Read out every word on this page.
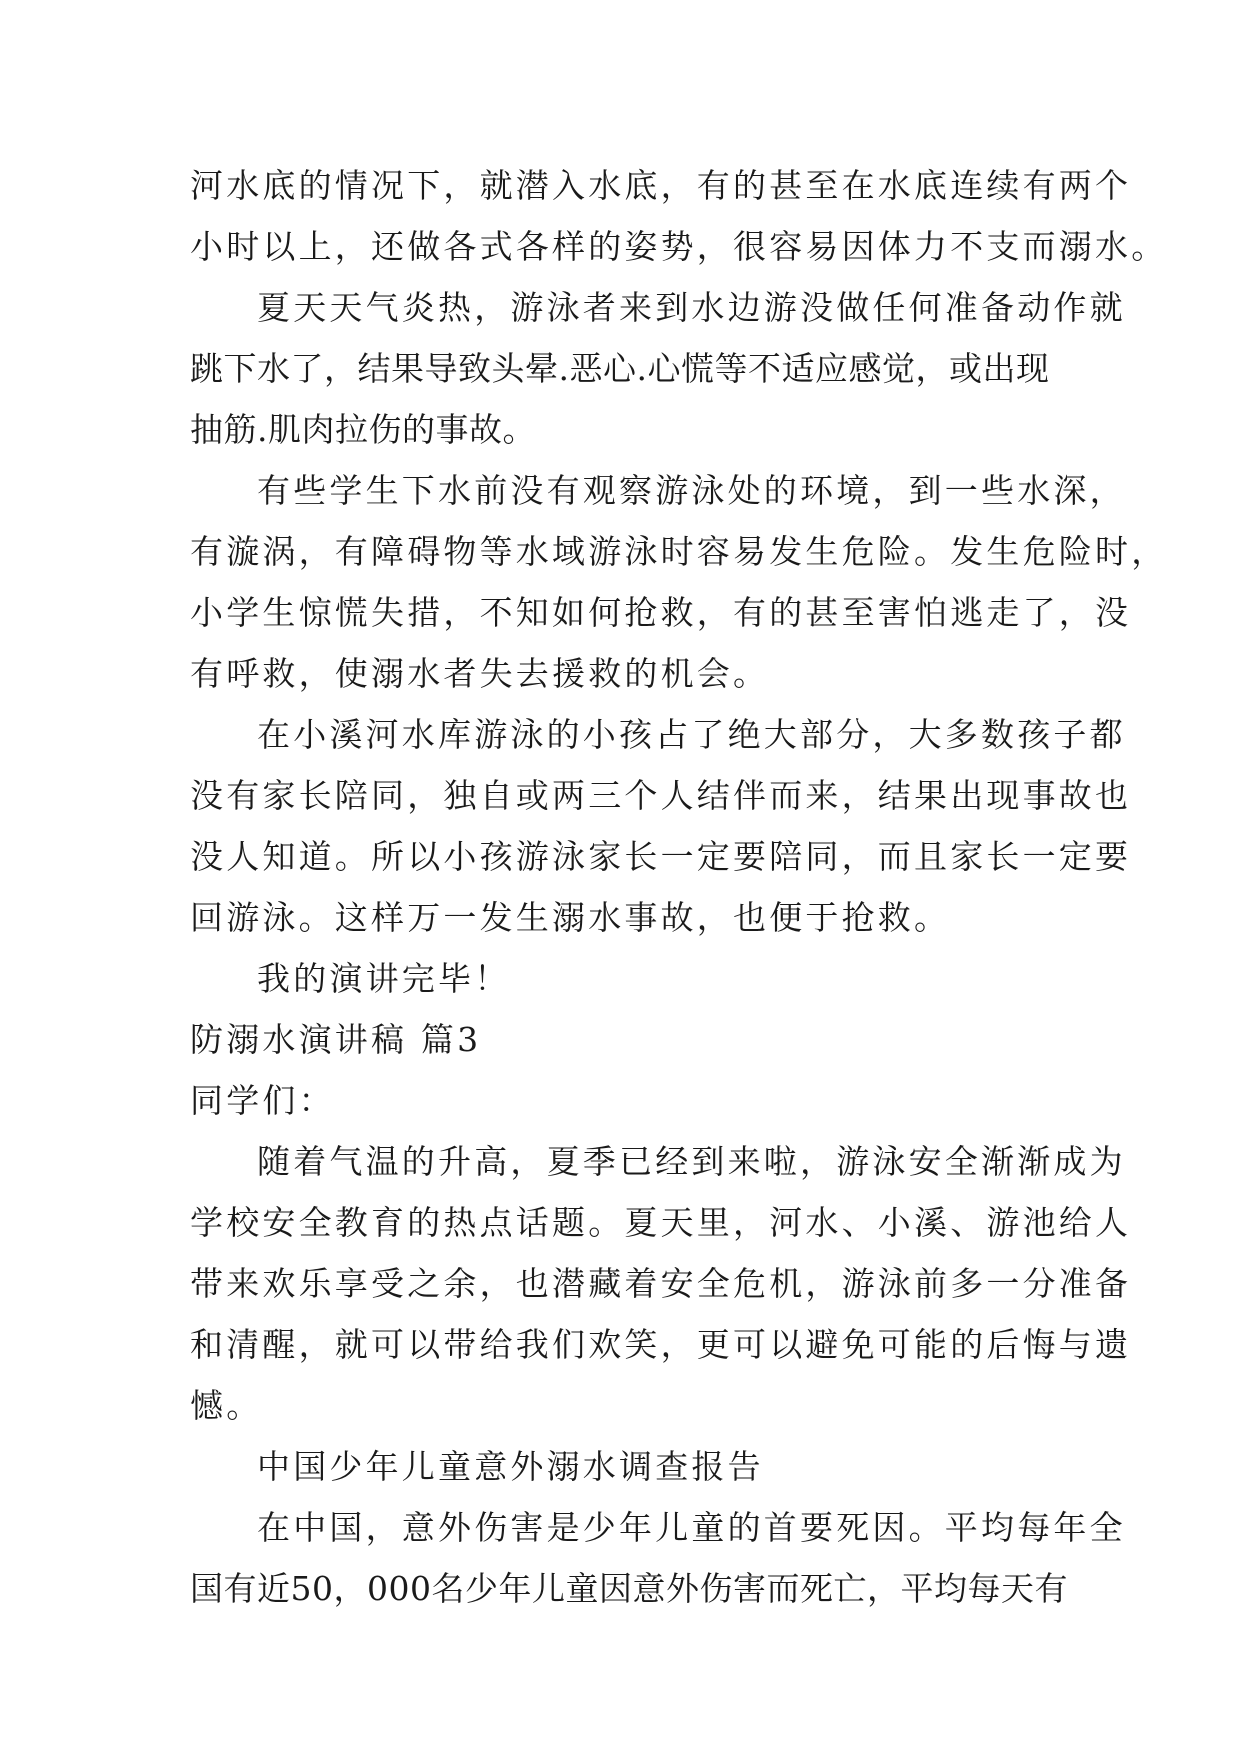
河水底的情况下，就潜入水底，有的甚至在水底连续有两个
小时以上，还做各式各样的姿势，很容易因体力不支而溺水。
夏天天气炎热，游泳者来到水边游没做任何准备动作就
跳下水了，结果导致头晕.恶心.心慌等不适应感觉，或出现
抽筋.肌肉拉伤的事故。
有些学生下水前没有观察游泳处的环境，到一些水深，
有漩涡，有障碍物等水域游泳时容易发生危险。发生危险时，
小学生惊慌失措，不知如何抢救，有的甚至害怕逃走了，没
有呼救，使溺水者失去援救的机会。
在小溪河水库游泳的小孩占了绝大部分，大多数孩子都
没有家长陪同，独自或两三个人结伴而来，结果出现事故也
没人知道。所以小孩游泳家长一定要陪同，而且家长一定要
回游泳。这样万一发生溺水事故，也便于抢救。
我的演讲完毕！
防溺水演讲稿 篇3
同学们：
随着气温的升高，夏季已经到来啦，游泳安全渐渐成为
学校安全教育的热点话题。夏天里，河水、小溪、游池给人
带来欢乐享受之余，也潜藏着安全危机，游泳前多一分准备
和清醒，就可以带给我们欢笑，更可以避免可能的后悔与遗
憾。
中国少年儿童意外溺水调查报告
在中国，意外伤害是少年儿童的首要死因。平均每年全
国有近50，000名少年儿童因意外伤害而死亡，平均每天有
